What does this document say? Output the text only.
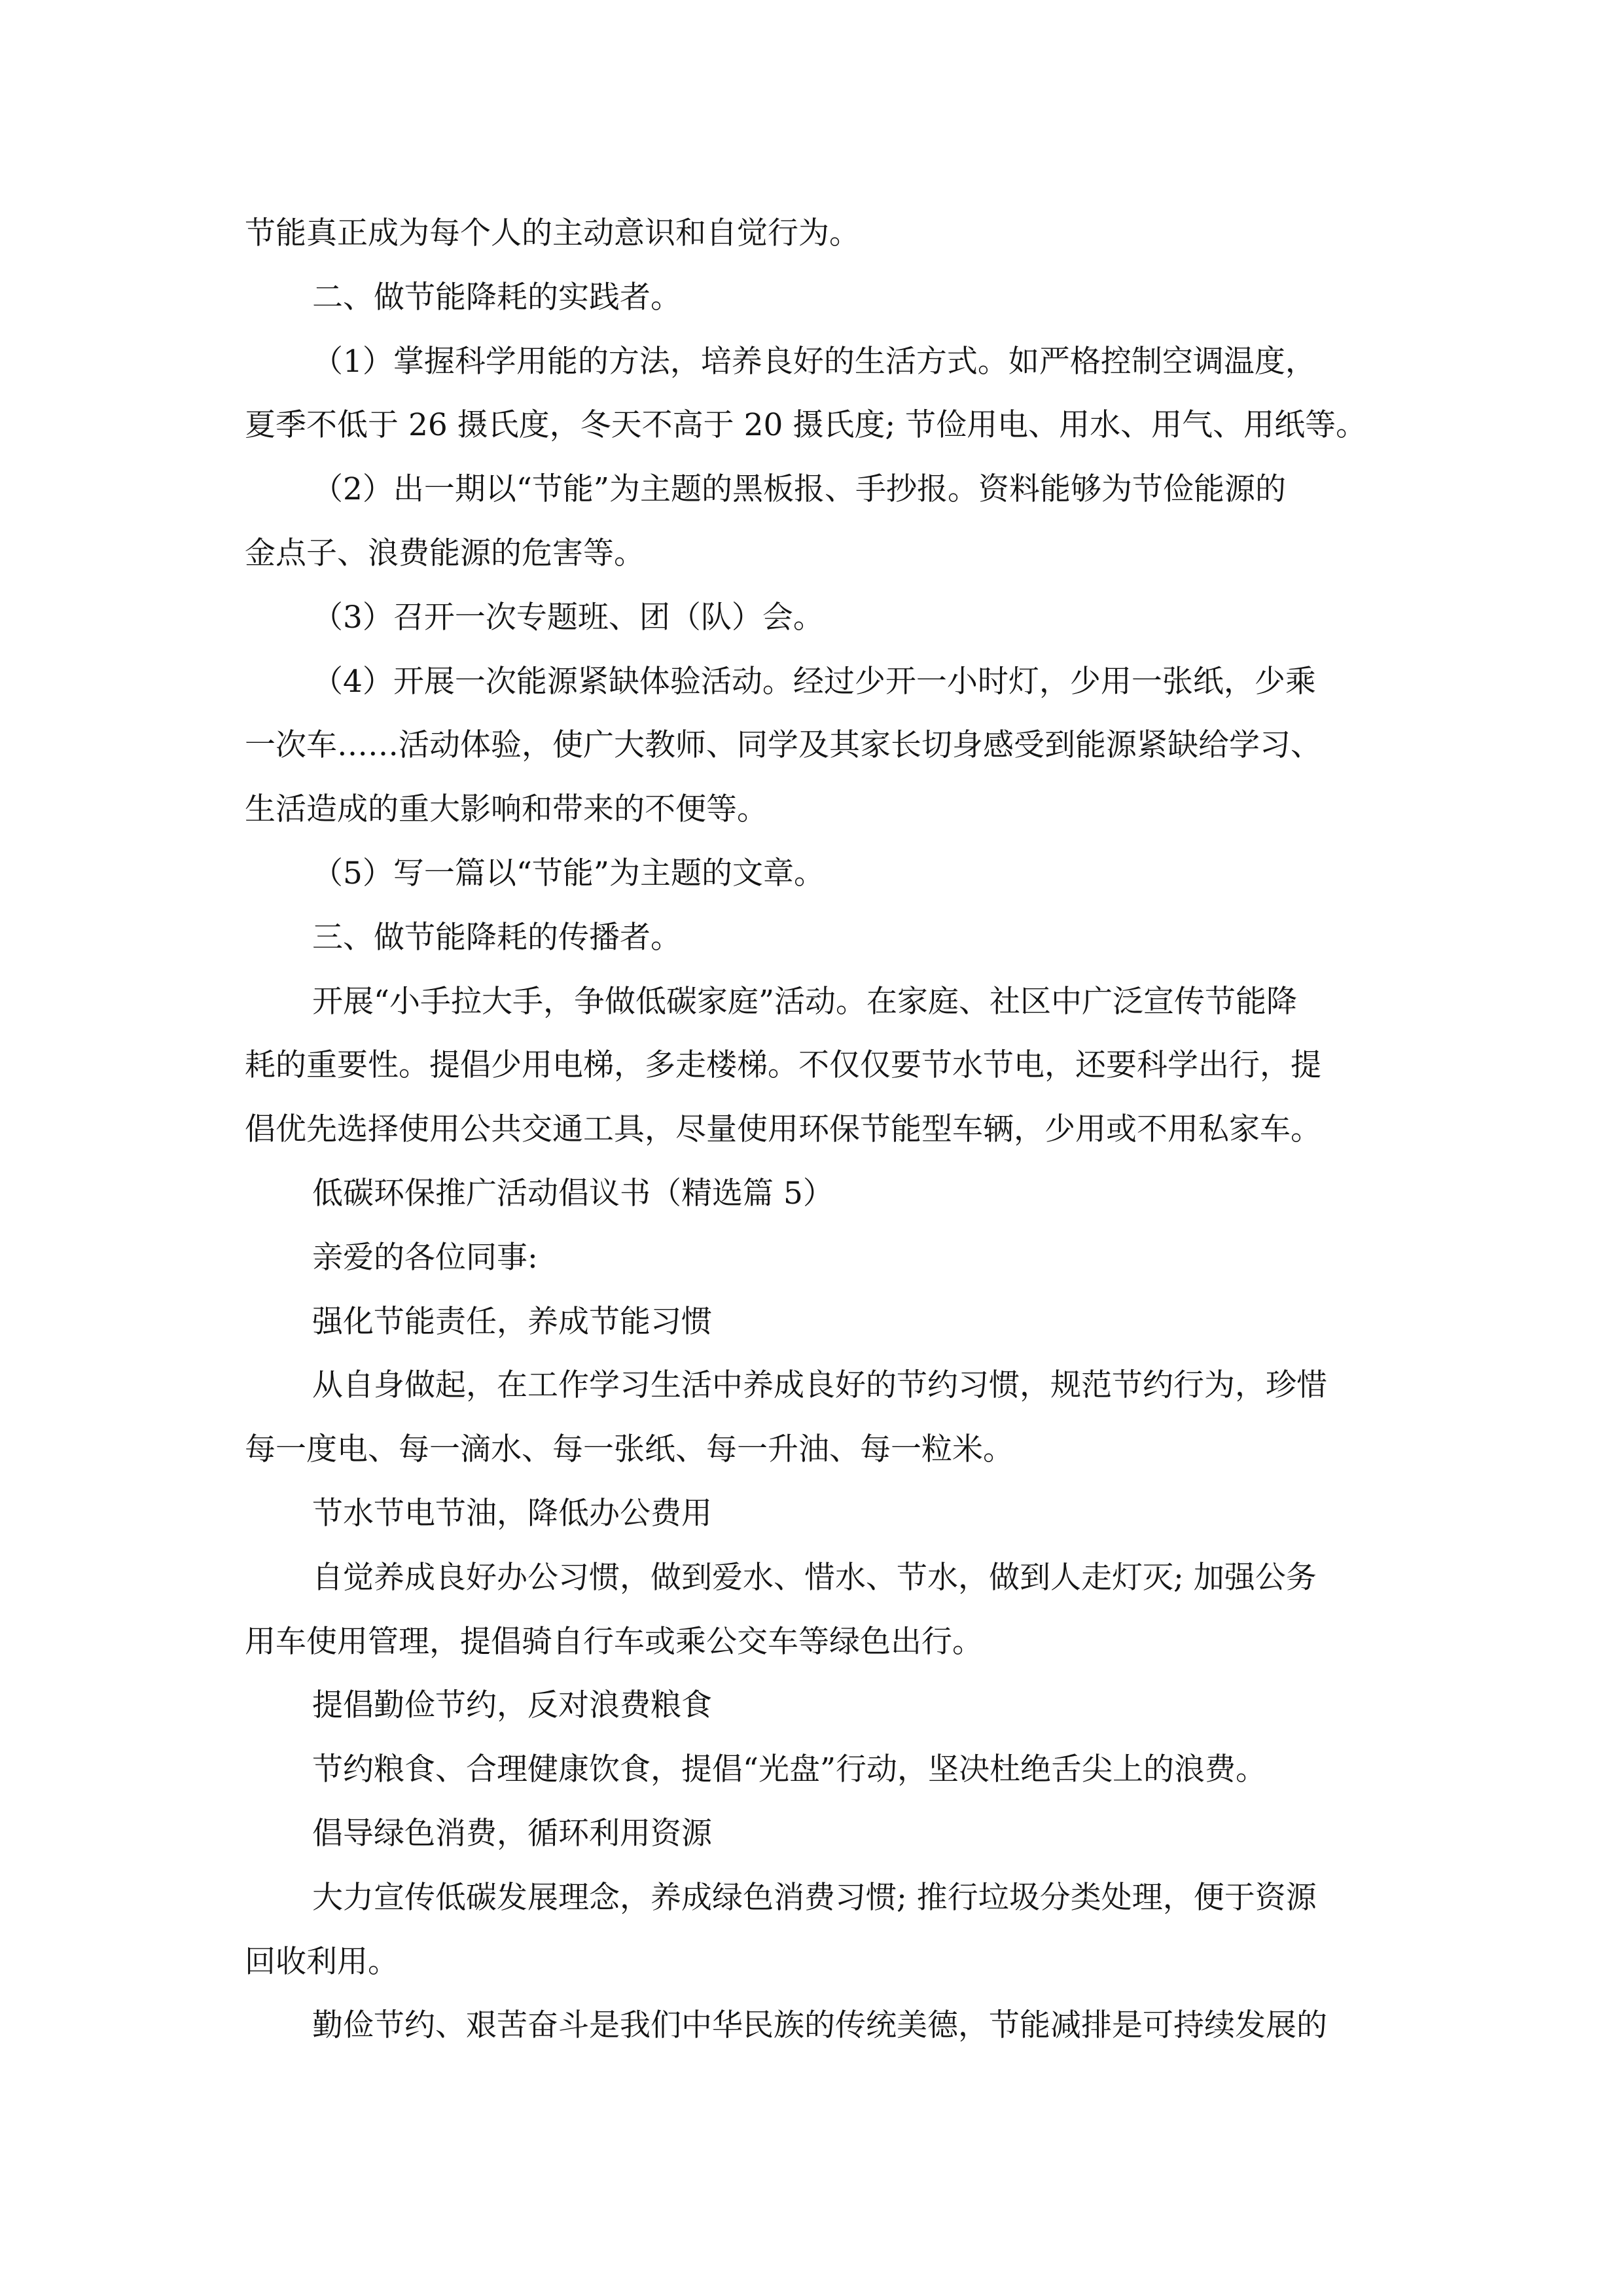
节能真正成为每个人的主动意识和自觉行为。
二、做节能降耗的实践者。
（1）掌握科学用能的方法，培养良好的生活方式。如严格控制空调温度，
夏季不低于 26 摄氏度，冬天不高于 20 摄氏度; 节俭用电、用水、用气、用纸等。
（2）出一期以“节能”为主题的黑板报、手抄报。资料能够为节俭能源的
金点子、浪费能源的危害等。
（3）召开一次专题班、团（队）会。
（4）开展一次能源紧缺体验活动。经过少开一小时灯，少用一张纸，少乘
一次车……活动体验，使广大教师、同学及其家长切身感受到能源紧缺给学习、
生活造成的重大影响和带来的不便等。
（5）写一篇以“节能”为主题的文章。
三、做节能降耗的传播者。
开展“小手拉大手，争做低碳家庭”活动。在家庭、社区中广泛宣传节能降
耗的重要性。提倡少用电梯，多走楼梯。不仅仅要节水节电，还要科学出行，提
倡优先选择使用公共交通工具，尽量使用环保节能型车辆，少用或不用私家车。
低碳环保推广活动倡议书（精选篇 5）
亲爱的各位同事:
强化节能责任，养成节能习惯
从自身做起，在工作学习生活中养成良好的节约习惯，规范节约行为，珍惜
每一度电、每一滴水、每一张纸、每一升油、每一粒米。
节水节电节油，降低办公费用
自觉养成良好办公习惯，做到爱水、惜水、节水，做到人走灯灭; 加强公务
用车使用管理，提倡骑自行车或乘公交车等绿色出行。
提倡勤俭节约，反对浪费粮食
节约粮食、合理健康饮食，提倡“光盘”行动，坚决杜绝舌尖上的浪费。
倡导绿色消费，循环利用资源
大力宣传低碳发展理念，养成绿色消费习惯; 推行垃圾分类处理，便于资源
回收利用。
勤俭节约、艰苦奋斗是我们中华民族的传统美德，节能减排是可持续发展的
